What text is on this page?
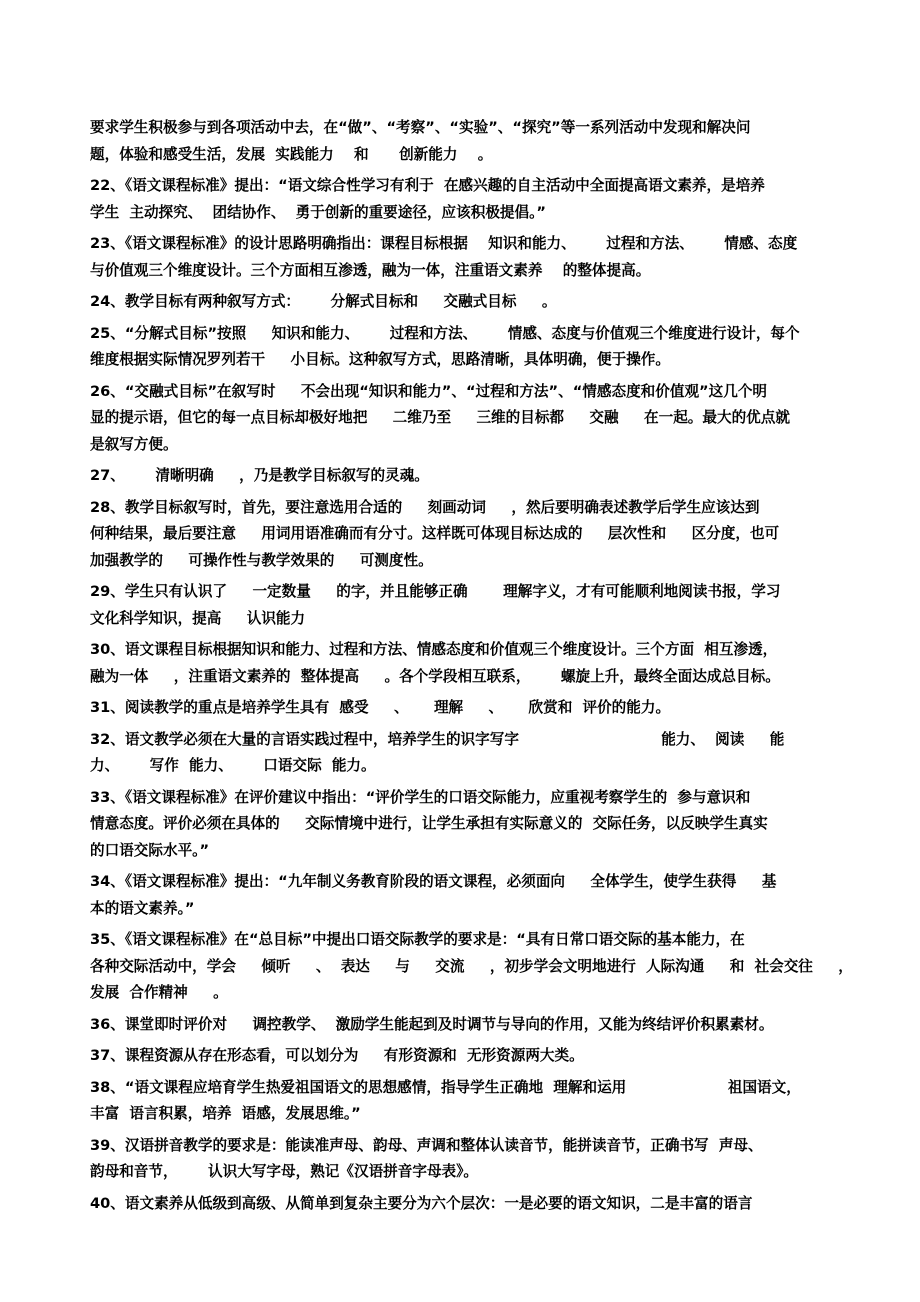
要求学生积极参与到各项活动中去，在“做”、“考察”、“实验”、“探究”等一系列活动中发现和解决问
题，体验和感受生活，发展  实践能力    和      创新能力    。
22、《语文课程标准》提出：“语文综合性学习有利于  在感兴趣的自主活动中全面提高语文素养，是培养
学生  主动探究、  团结协作、  勇于创新的重要途径，应该积极提倡。”
23、《语文课程标准》的设计思路明确指出：课程目标根据    知识和能力、      过程和方法、      情感、态度
与价值观三个维度设计。三个方面相互渗透，融为一体，注重语文素养    的整体提高。
24、教学目标有两种叙写方式：      分解式目标和     交融式目标     。
25、“分解式目标”按照     知识和能力、      过程和方法、      情感、态度与价值观三个维度进行设计，每个
维度根据实际情况罗列若干     小目标。这种叙写方式，思路清晰，具体明确，便于操作。
26、“交融式目标”在叙写时     不会出现“知识和能力”、“过程和方法”、“情感态度和价值观”这几个明
显的提示语，但它的每一点目标却极好地把     二维乃至     三维的目标都     交融     在一起。最大的优点就
是叙写方便。
27、      清晰明确     ，乃是教学目标叙写的灵魂。
28、教学目标叙写时，首先，要注意选用合适的     刻画动词     ，然后要明确表述教学后学生应该达到
何种结果，最后要注意     用词用语准确而有分寸。这样既可体现目标达成的     层次性和     区分度，也可
加强教学的     可操作性与教学效果的     可测度性。
29、学生只有认识了     一定数量     的字，并且能够正确       理解字义，才有可能顺利地阅读书报，学习
文化科学知识，提高     认识能力
30、语文课程目标根据知识和能力、过程和方法、情感态度和价值观三个维度设计。三个方面  相互渗透，
融为一体     ，注重语文素养的  整体提高     。各个学段相互联系，      螺旋上升，最终全面达成总目标。
31、阅读教学的重点是培养学生具有  感受     、     理解     、     欣赏和  评价的能力。
32、语文教学必须在大量的言语实践过程中，培养学生的识字写字                            能力、  阅读     能
力、      写作  能力、      口语交际  能力。
33、《语文课程标准》在评价建议中指出：“评价学生的口语交际能力，应重视考察学生的  参与意识和
情意态度。评价必须在具体的     交际情境中进行，让学生承担有实际意义的  交际任务，以反映学生真实
的口语交际水平。”
34、《语文课程标准》提出：“九年制义务教育阶段的语文课程，必须面向     全体学生，使学生获得     基
本的语文素养。”
35、《语文课程标准》在“总目标”中提出口语交际教学的要求是：“具有日常口语交际的基本能力，在
各种交际活动中，学会     倾听     、  表达     与     交流     ，初步学会文明地进行  人际沟通     和  社会交往     ，
发展  合作精神     。
36、课堂即时评价对     调控教学、  激励学生能起到及时调节与导向的作用，又能为终结评价积累素材。
37、课程资源从存在形态看，可以划分为     有形资源和  无形资源两大类。
38、“语文课程应培育学生热爱祖国语文的思想感情，指导学生正确地  理解和运用                    祖国语文，
丰富  语言积累，培养  语感，发展思维。”
39、汉语拼音教学的要求是：能读准声母、韵母、声调和整体认读音节，能拼读音节，正确书写  声母、
韵母和音节，      认识大写字母，熟记《汉语拼音字母表》。
40、语文素养从低级到高级、从简单到复杂主要分为六个层次：一是必要的语文知识，二是丰富的语言
